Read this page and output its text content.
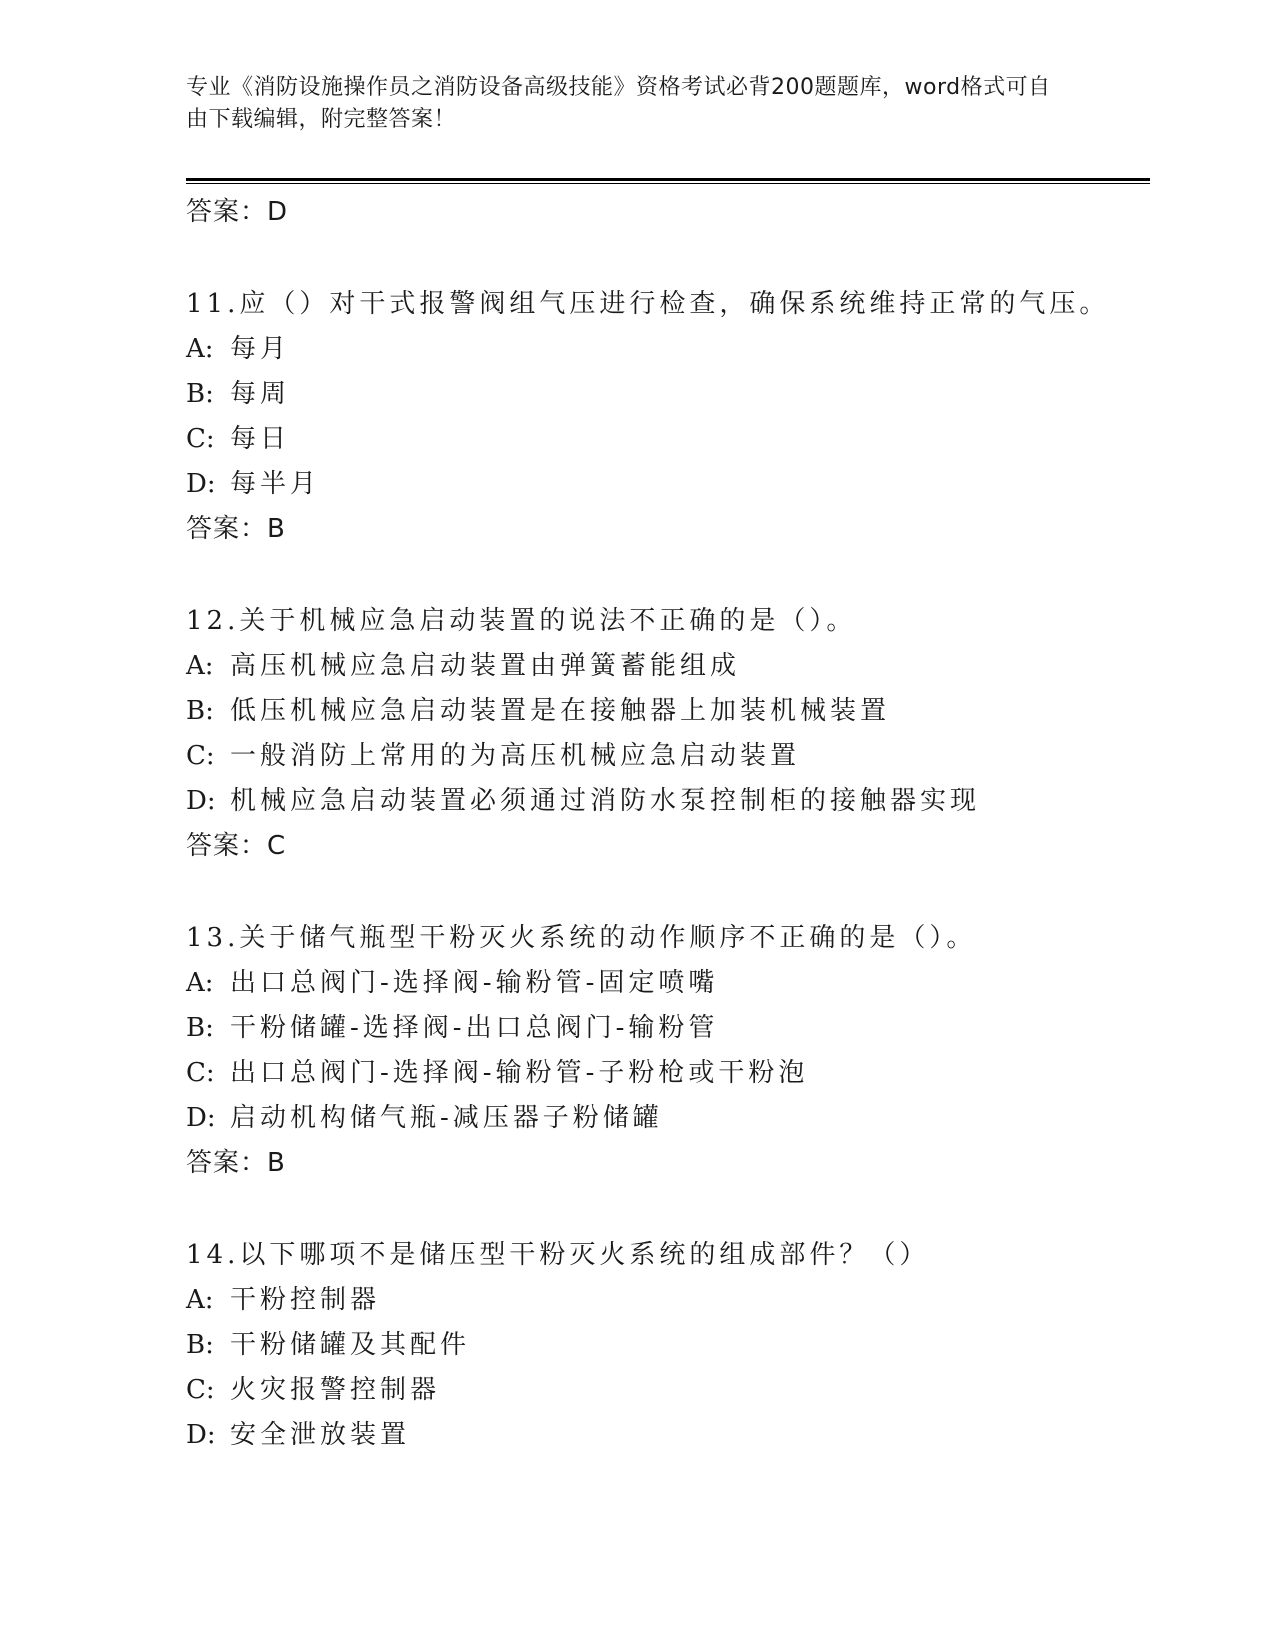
专业《消防设施操作员之消防设备高级技能》资格考试必背200题题库，word格式可自由下载编辑，附完整答案！
答案：D
11.应（）对干式报警阀组气压进行检查，确保系统维持正常的气压。
A: 每月
B: 每周
C: 每日
D: 每半月
答案：B
12.关于机械应急启动装置的说法不正确的是（）。
A: 高压机械应急启动装置由弹簧蓄能组成
B: 低压机械应急启动装置是在接触器上加装机械装置
C: 一般消防上常用的为高压机械应急启动装置
D: 机械应急启动装置必须通过消防水泵控制柜的接触器实现
答案：C
13.关于储气瓶型干粉灭火系统的动作顺序不正确的是（）。
A: 出口总阀门-选择阀-输粉管-固定喷嘴
B: 干粉储罐-选择阀-出口总阀门-输粉管
C: 出口总阀门-选择阀-输粉管-子粉枪或干粉泡
D: 启动机构储气瓶-减压器子粉储罐
答案：B
14.以下哪项不是储压型干粉灭火系统的组成部件？（）
A: 干粉控制器
B: 干粉储罐及其配件
C: 火灾报警控制器
D: 安全泄放装置
